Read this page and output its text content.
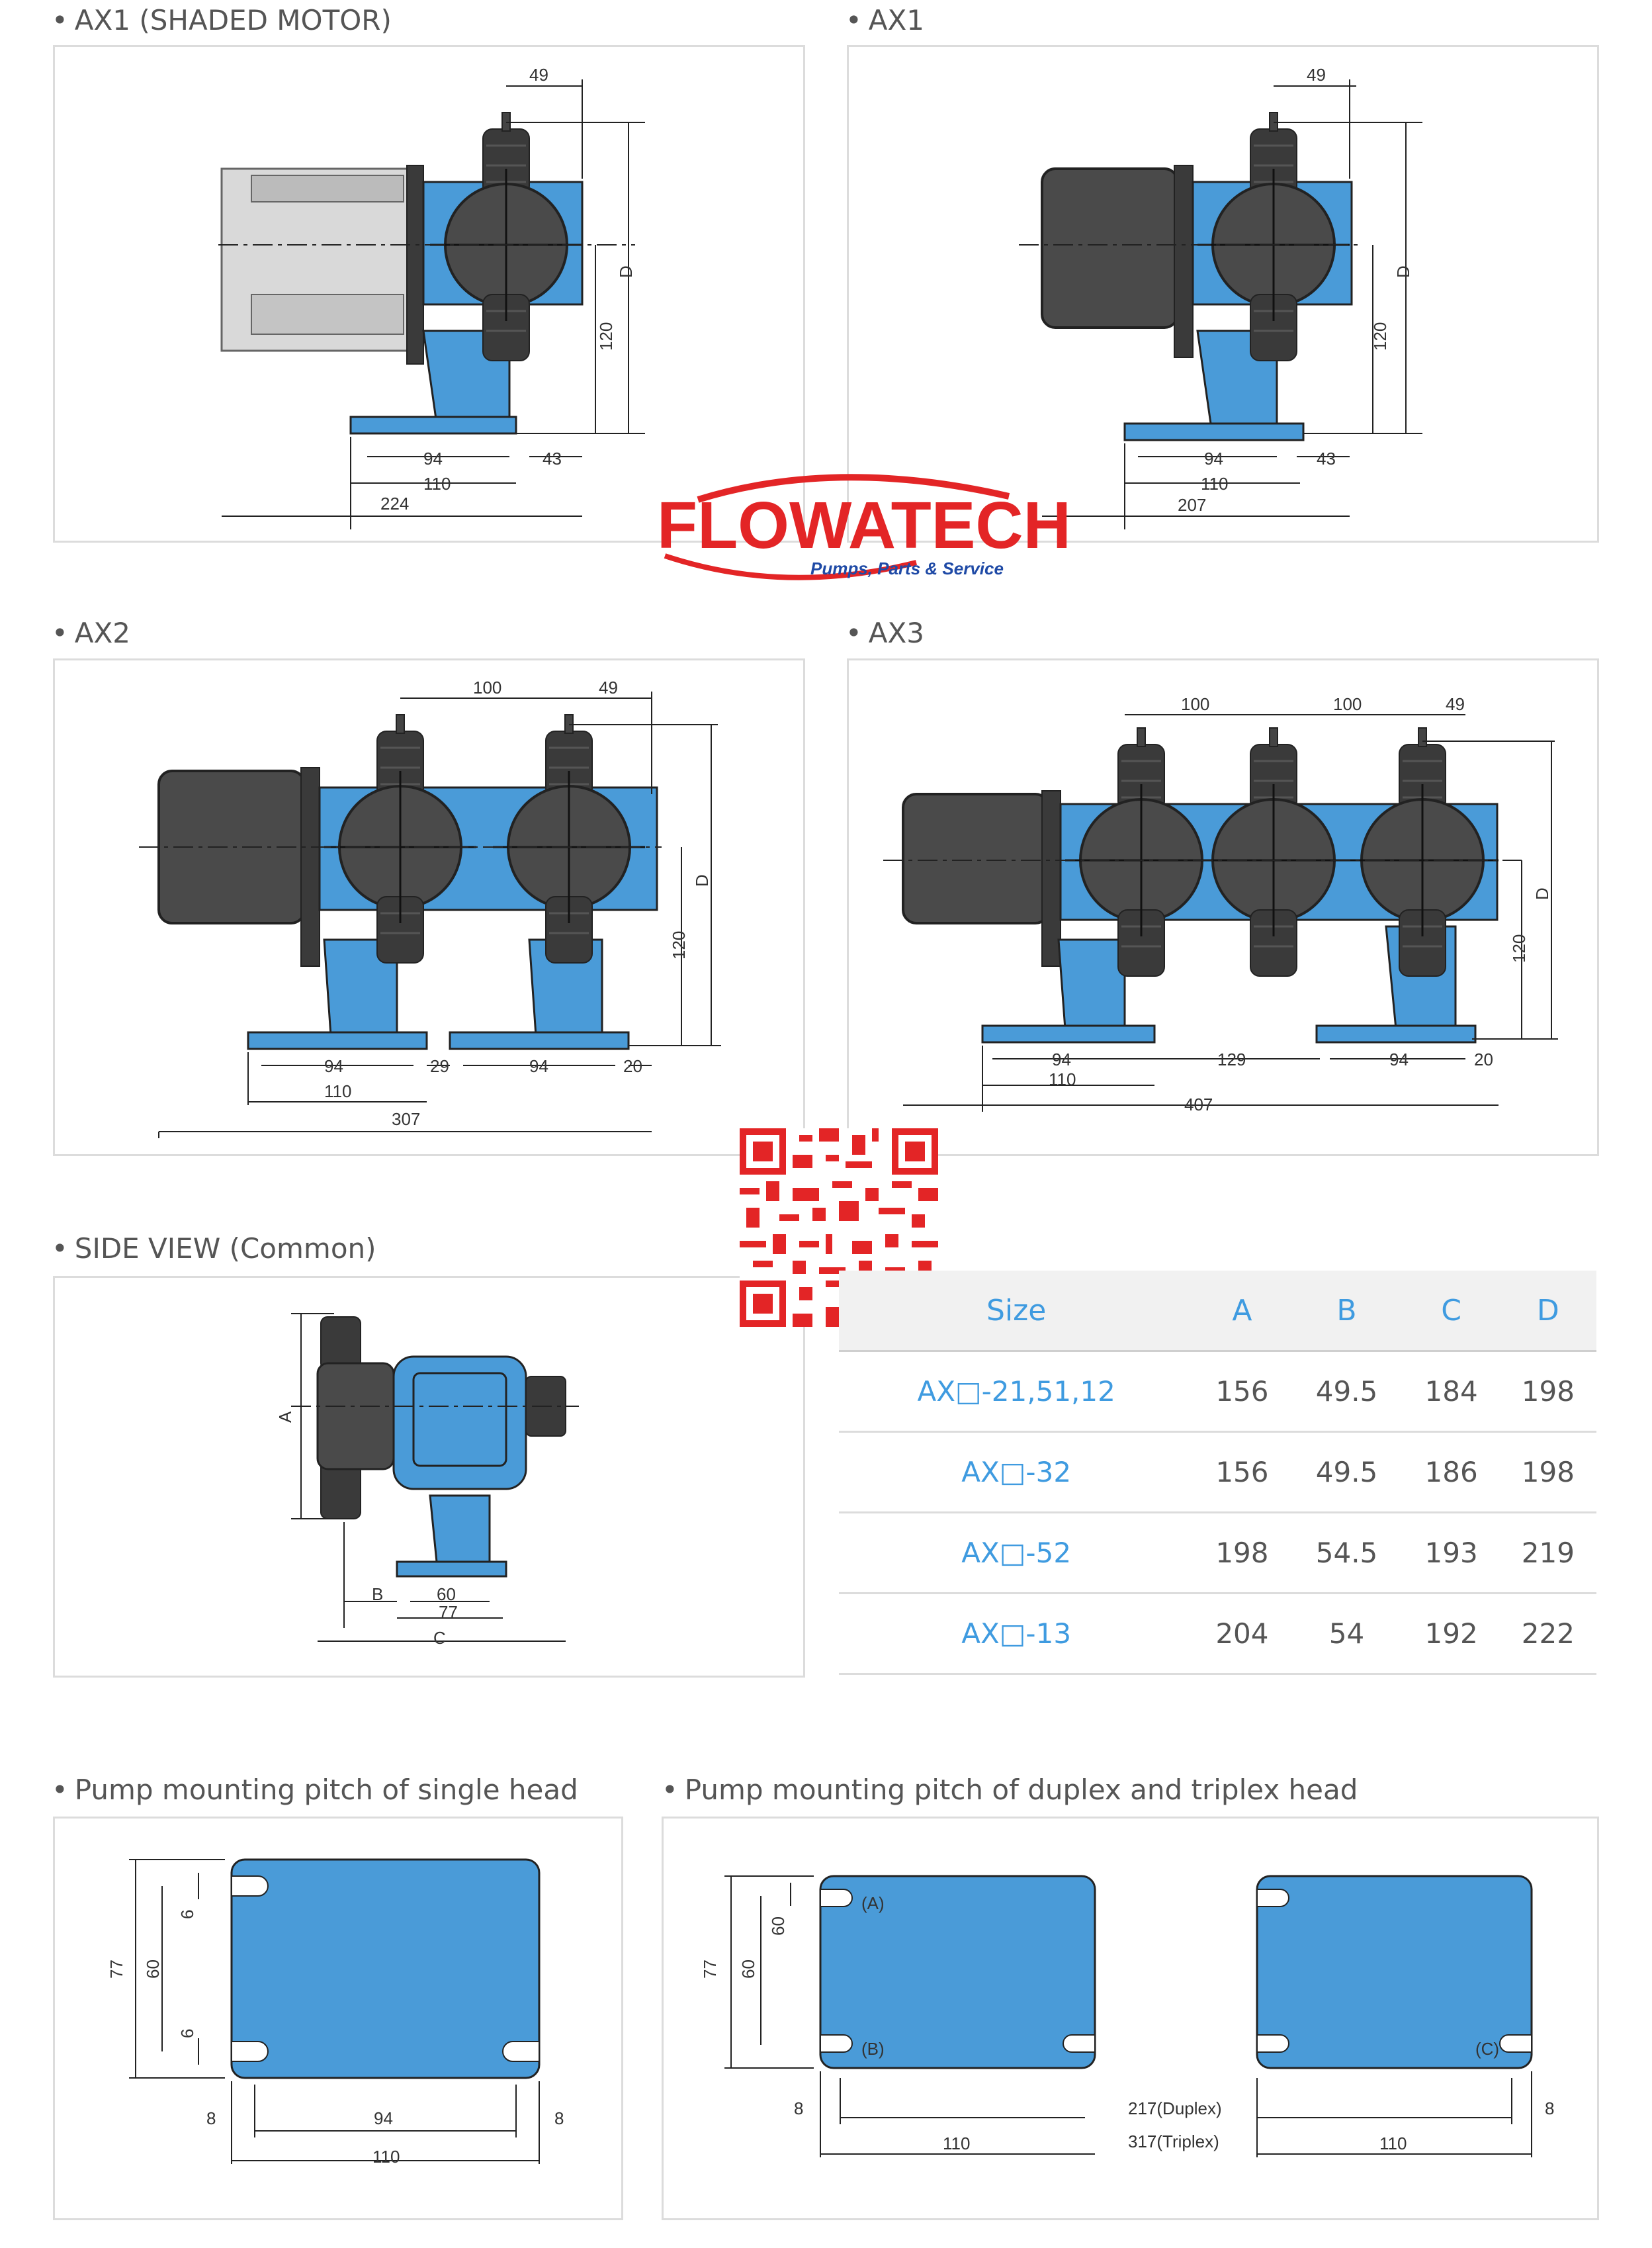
• AX1 (SHADED MOTOR)	• AX1
• AX2	• AX3
• SIDE VIEW (Common)
• Pump mounting pitch of single head	• Pump mounting pitch of duplex and triplex head
49
D
120
94
110
43
224
49
D
120
94
110
43
207
100	49
D
120
94	29	94	20
110
307
100	100	49
D
120
94
110
129	94	20
407
A
B	60
77
C
77 60
6
6
8	94	8
110
77 60
60
(A)
(B)	(C)
8
110
217(Duplex)
317(Triplex)	110
8
FLOWATECH
Pumps, Parts & Service
Size	A	B	C	D
AX□-21,51,12	156	49.5	184	198
AX□-32	156	49.5	186	198
AX□-52	198	54.5	193	219
AX□-13	204	54	192	222
